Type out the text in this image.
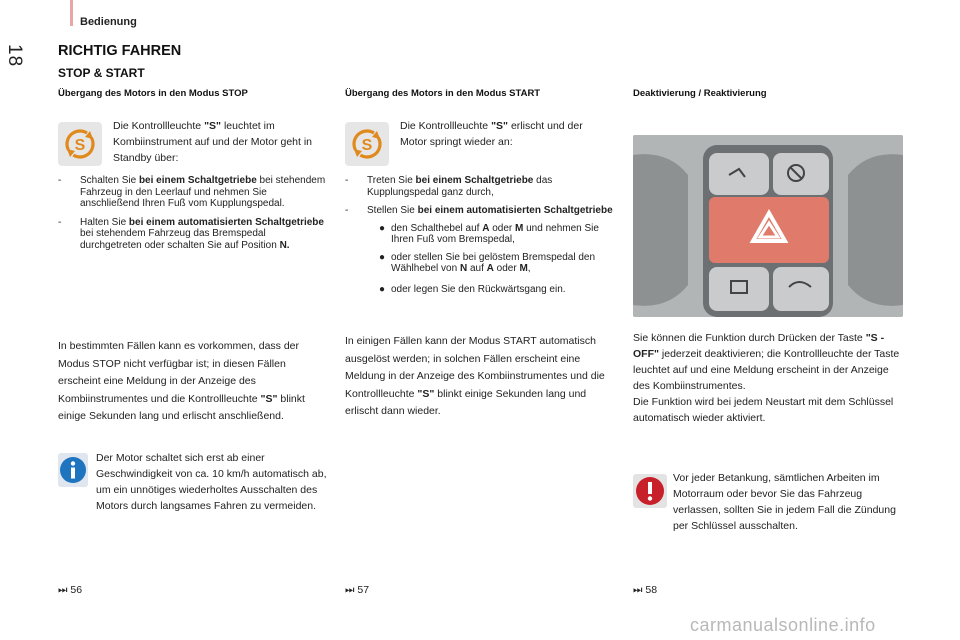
Bedienung
18 RICHTIG FAHREN
STOP & START
Übergang des Motors in den Modus STOP	Übergang des Motors in den Modus START	Deaktivierung / Reaktivierung
S
Die Kontrollleuchte "S" leuchtet im Kombiinstrument auf und der Motor geht in Standby über:
- Schalten Sie bei einem Schaltgetriebe bei stehendem Fahrzeug in den Leerlauf und nehmen Sie anschließend Ihren Fuß vom Kupplungspedal.
- Halten Sie bei einem automatisierten Schaltgetriebe bei stehendem Fahrzeug das Bremspedal durchgetreten oder schalten Sie auf Position N.
In bestimmten Fällen kann es vorkommen, dass der Modus STOP nicht verfügbar ist; in diesen Fällen erscheint eine Meldung in der Anzeige des Kombiinstrumentes und die Kontrollleuchte "S" blinkt einige Sekunden lang und erlischt anschließend.
Der Motor schaltet sich erst ab einer Geschwindigkeit von ca. 10 km/h automatisch ab, um ein unnötiges wiederholtes Ausschalten des Motors durch langsames Fahren zu vermeiden.
⏭ 56
S
Die Kontrollleuchte "S" erlischt und der Motor springt wieder an:
- Treten Sie bei einem Schaltgetriebe das Kupplungspedal ganz durch,
- Stellen Sie bei einem automatisierten Schaltgetriebe
● den Schalthebel auf A oder M und nehmen Sie Ihren Fuß vom Bremspedal,
● oder stellen Sie bei gelöstem Bremspedal den Wählhebel von N auf A oder M,
● oder legen Sie den Rückwärtsgang ein.
In einigen Fällen kann der Modus START automatisch ausgelöst werden; in solchen Fällen erscheint eine Meldung in der Anzeige des Kombiinstrumentes und die Kontrollleuchte "S" blinkt einige Sekunden lang und erlischt dann wieder.
⏭ 57
Sie können die Funktion durch Drücken der Taste "S - OFF" jederzeit deaktivieren; die Kontrollleuchte der Taste leuchtet auf und eine Meldung erscheint in der Anzeige des Kombiinstrumentes.
Die Funktion wird bei jedem Neustart mit dem Schlüssel automatisch wieder aktiviert.
Vor jeder Betankung, sämtlichen Arbeiten im Motorraum oder bevor Sie das Fahrzeug verlassen, sollten Sie in jedem Fall die Zündung per Schlüssel ausschalten.
⏭ 58
carmanualsonline.info
